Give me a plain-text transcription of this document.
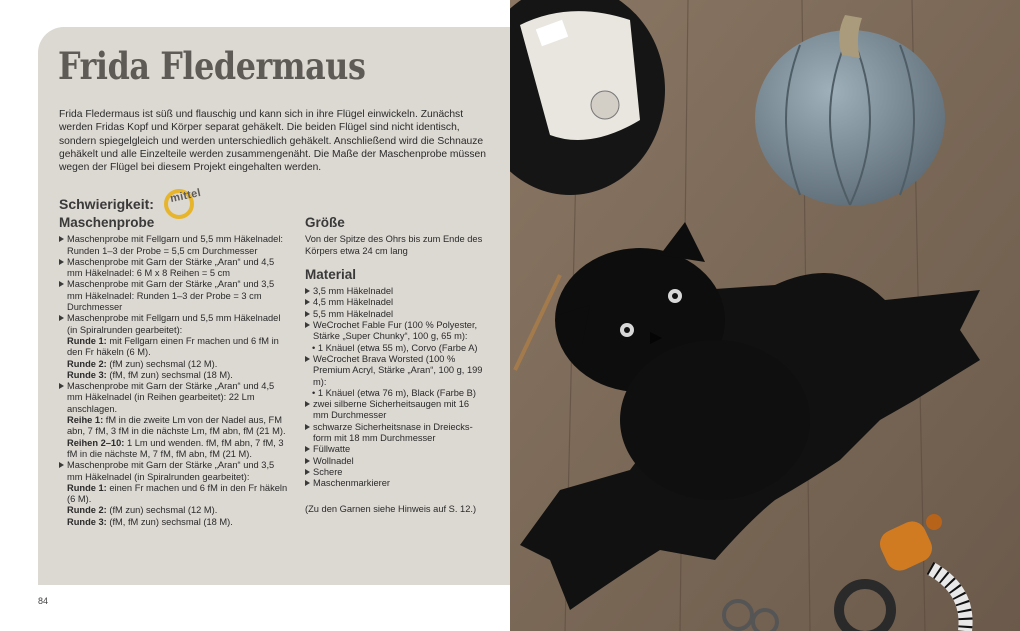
Frida Fledermaus

Frida Fledermaus ist süß und flauschig und kann sich in ihre Flügel einwickeln. Zunächst werden Fridas Kopf und Körper separat gehäkelt. Die beiden Flügel sind nicht identisch, sondern spiegelgleich und werden unterschiedlich gehäkelt. Anschließend wird die Schnauze gehäkelt und alle Einzelteile werden zusammengenäht. Die Maße der Maschenprobe müssen wegen der Flügel bei diesem Projekt eingehalten werden.

Schwierigkeit: mittel
Maschenprobe
Maschenprobe mit Fellgarn und 5,5 mm Häkelnadel: Runden 1–3 der Probe = 5,5 cm Durchmesser
Maschenprobe mit Garn der Stärke „Aran“ und 4,5 mm Häkelnadel: 6 M x 8 Reihen = 5 cm
Maschenprobe mit Garn der Stärke „Aran“ und 3,5 mm Häkelnadel: Runden 1–3 der Probe = 3 cm Durchmesser
Maschenprobe mit Fellgarn und 5,5 mm Häkelnadel (in Spiralrunden gearbeitet):
Runde 1: mit Fellgarn einen Fr machen und 6 fM in den Fr häkeln (6 M).
Runde 2: (fM zun) sechsmal (12 M).
Runde 3: (fM, fM zun) sechsmal (18 M).
Maschenprobe mit Garn der Stärke „Aran“ und 4,5 mm Häkelnadel (in Reihen gearbeitet): 22 Lm anschlagen.
Reihe 1: fM in die zweite Lm von der Nadel aus, FM abn, 7 fM, 3 fM in die nächste Lm, fM abn, fM (21 M).
Reihen 2–10: 1 Lm und wenden. fM, fM abn, 7 fM, 3 fM in die nächste M, 7 fM, fM abn, fM (21 M).
Maschenprobe mit Garn der Stärke „Aran“ und 3,5 mm Häkelnadel (in Spiralrunden gearbeitet):
Runde 1: einen Fr machen und 6 fM in den Fr häkeln (6 M).
Runde 2: (fM zun) sechsmal (12 M).
Runde 3: (fM, fM zun) sechsmal (18 M).
Größe

Von der Spitze des Ohrs bis zum Ende des Körpers etwa 24 cm lang

Material
3,5 mm Häkelnadel
4,5 mm Häkelnadel
5,5 mm Häkelnadel
WeCrochet Fable Fur (100 % Polyester, Stärke „Super Chunky“, 100 g, 65 m):
• 1 Knäuel (etwa 55 m), Corvo (Farbe A)
WeCrochet Brava Worsted (100 % Premium Acryl, Stärke „Aran“, 100 g, 199 m):
• 1 Knäuel (etwa 76 m), Black (Farbe B)
zwei silberne Sicherheitsaugen mit 16 mm Durchmesser
schwarze Sicherheitsnase in Dreiecks-form mit 18 mm Durchmesser
Füllwatte
Wollnadel
Schere
Maschenmarkierer

(Zu den Garnen siehe Hinweis auf S. 12.)

84
